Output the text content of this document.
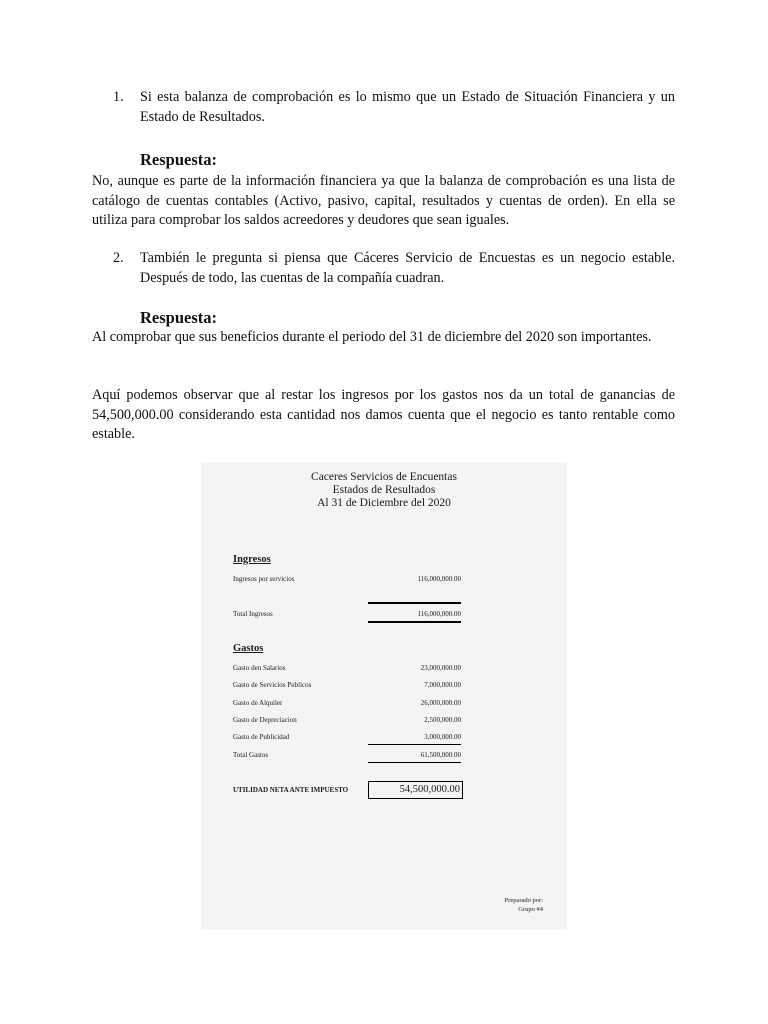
1. Si esta balanza de comprobación es lo mismo que un Estado de Situación Financiera y un Estado de Resultados.
Respuesta:
No, aunque es parte de la información financiera ya que la balanza de comprobación es una lista de catálogo de cuentas contables (Activo, pasivo, capital, resultados y cuentas de orden). En ella se utiliza para comprobar los saldos acreedores y deudores que sean iguales.
2. También le pregunta si piensa que Cáceres Servicio de Encuestas es un negocio estable. Después de todo, las cuentas de la compañía cuadran.
Respuesta:
Al comprobar que sus beneficios durante el periodo del 31 de diciembre del 2020 son importantes.
Aquí podemos observar que al restar los ingresos por los gastos nos da un total de ganancias de 54,500,000.00 considerando esta cantidad nos damos cuenta que el negocio es tanto rentable como estable.
Caceres Servicios de Encuentas
Estados de Resultados
Al 31 de Diciembre del 2020
Ingresos
Ingresos por servicios	116,000,000.00
Total Ingresos	116,000,000.00
Gastos
Gasto den Salarios	23,000,000.00
Gasto de Servicios Publicos	7,000,000.00
Gasto de Alquiler	26,000,000.00
Gasto de Depreciacion	2,500,000.00
Gasto de Publicidad	3,000,000.00
Total Gastos	61,500,000.00
UTILIDAD NETA ANTE IMPUESTO	54,500,000.00
Preparado por:
Grupo #4
